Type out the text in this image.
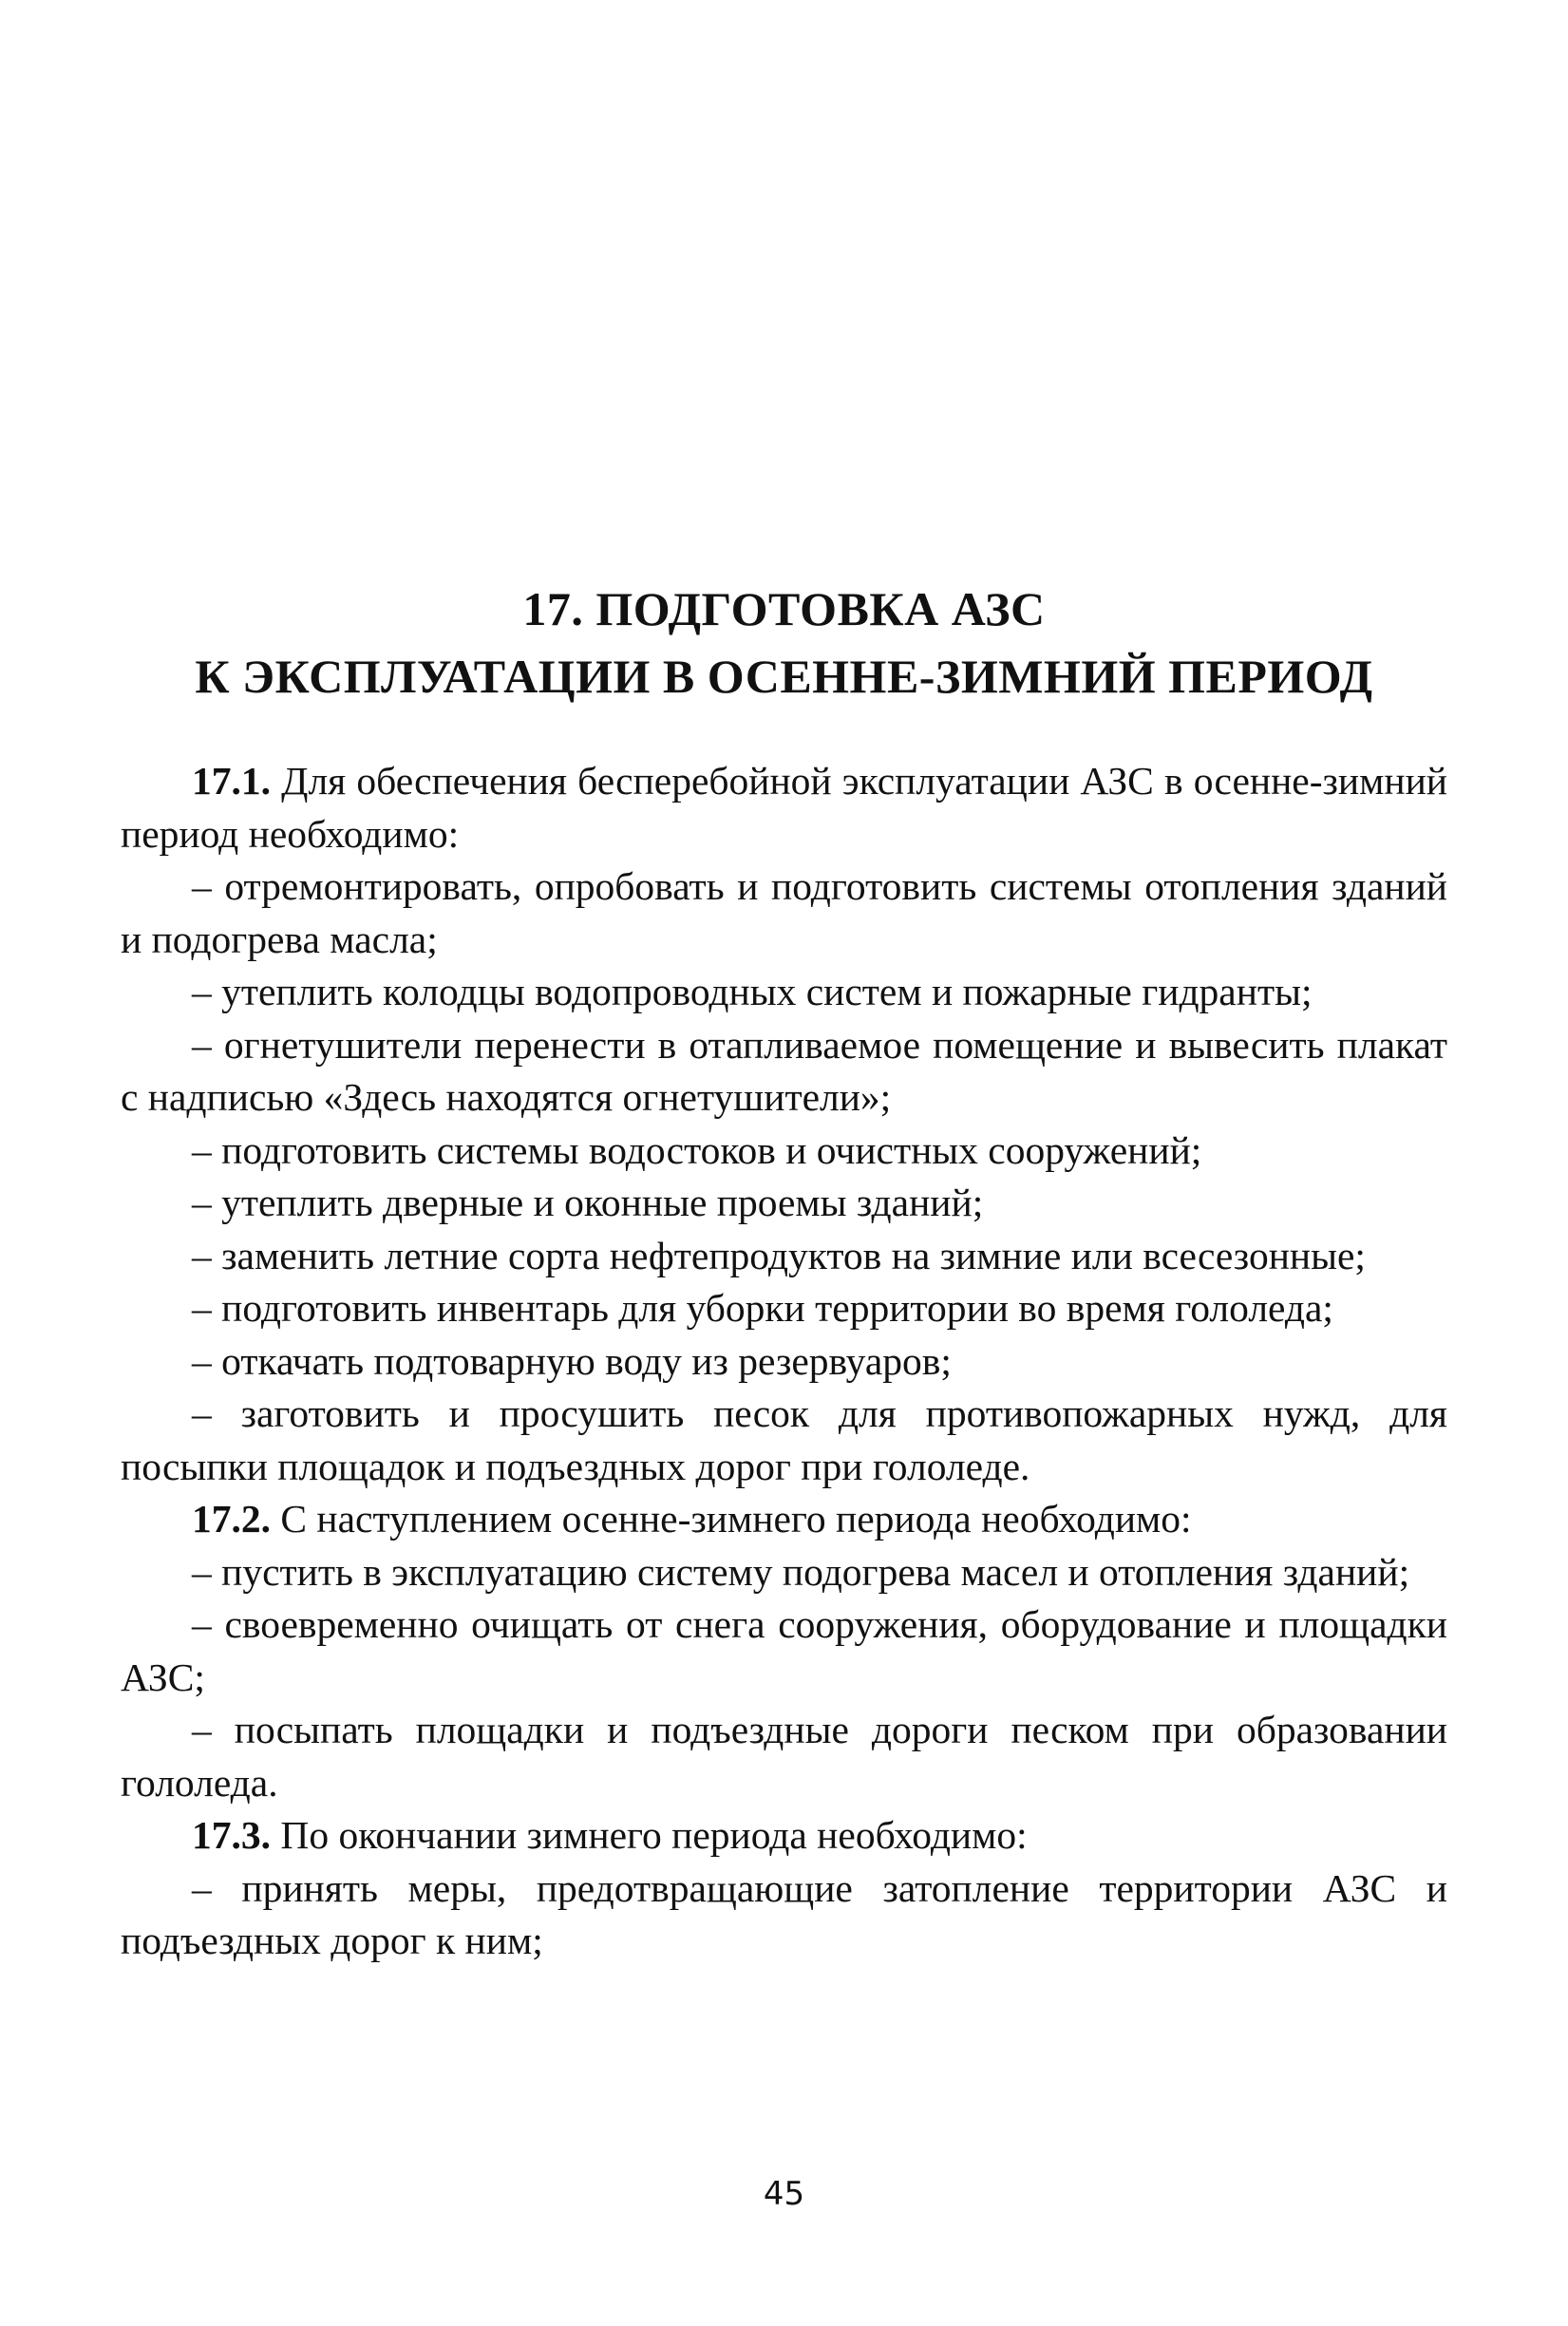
17. ПОДГОТОВКА АЗС
К ЭКСПЛУАТАЦИИ В ОСЕННЕ-ЗИМНИЙ ПЕРИОД

17.1. Для обеспечения бесперебойной эксплуатации АЗС в осенне-зимний период необходимо:

– отремонтировать, опробовать и подготовить системы отопления зданий и подогрева масла;

– утеплить колодцы водопроводных систем и пожарные гидранты;

– огнетушители перенести в отапливаемое помещение и вывесить плакат с надписью «Здесь находятся огнетушители»;

– подготовить системы водостоков и очистных сооружений;

– утеплить дверные и оконные проемы зданий;

– заменить летние сорта нефтепродуктов на зимние или всесезонные;

– подготовить инвентарь для уборки территории во время гололеда;

– откачать подтоварную воду из резервуаров;

– заготовить и просушить песок для противопожарных нужд, для посыпки площадок и подъездных дорог при гололеде.

17.2. С наступлением осенне-зимнего периода необходимо:

– пустить в эксплуатацию систему подогрева масел и отопления зданий;

– своевременно очищать от снега сооружения, оборудование и площадки АЗС;

– посыпать площадки и подъездные дороги песком при образовании гололеда.

17.3. По окончании зимнего периода необходимо:

– принять меры, предотвращающие затопление территории АЗС и подъездных дорог к ним;

45
